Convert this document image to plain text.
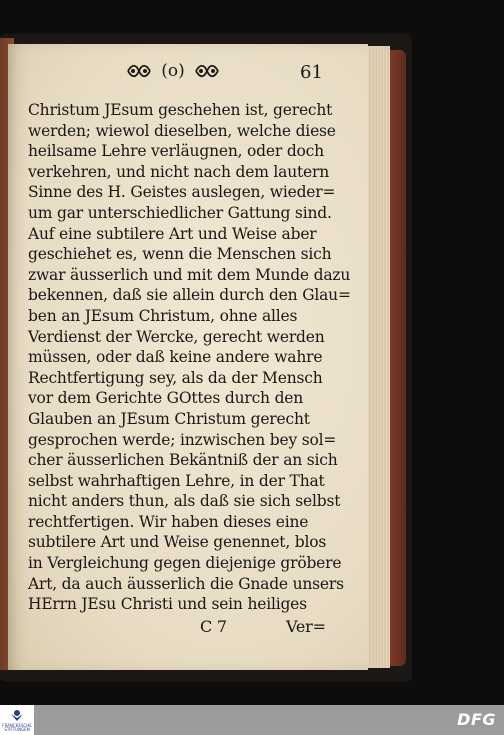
(o)	61
Christum JEsum geschehen ist, gerecht
werden; wiewol dieselben, welche diese
heilsame Lehre verläugnen, oder doch
verkehren, und nicht nach dem lautern
Sinne des H. Geistes auslegen, wieder=
um gar unterschiedlicher Gattung sind.
Auf eine subtilere Art und Weise aber
geschiehet es, wenn die Menschen sich
zwar äusserlich und mit dem Munde dazu
bekennen, daß sie allein durch den Glau=
ben an JEsum Christum, ohne alles
Verdienst der Wercke, gerecht werden
müssen, oder daß keine andere wahre
Rechtfertigung sey, als da der Mensch
vor dem Gerichte GOttes durch den
Glauben an JEsum Christum gerecht
gesprochen werde; inzwischen bey sol=
cher äusserlichen Bekäntniß der an sich
selbst wahrhaftigen Lehre, in der That
nicht anders thun, als daß sie sich selbst
rechtfertigen. Wir haben dieses eine
subtilere Art und Weise genennet, blos
in Vergleichung gegen diejenige gröbere
Art, da auch äusserlich die Gnade unsers
HErrn JEsu Christi und sein heiliges
C 7	Ver=
FRANCKESCHE STIFTUNGEN
DFG
